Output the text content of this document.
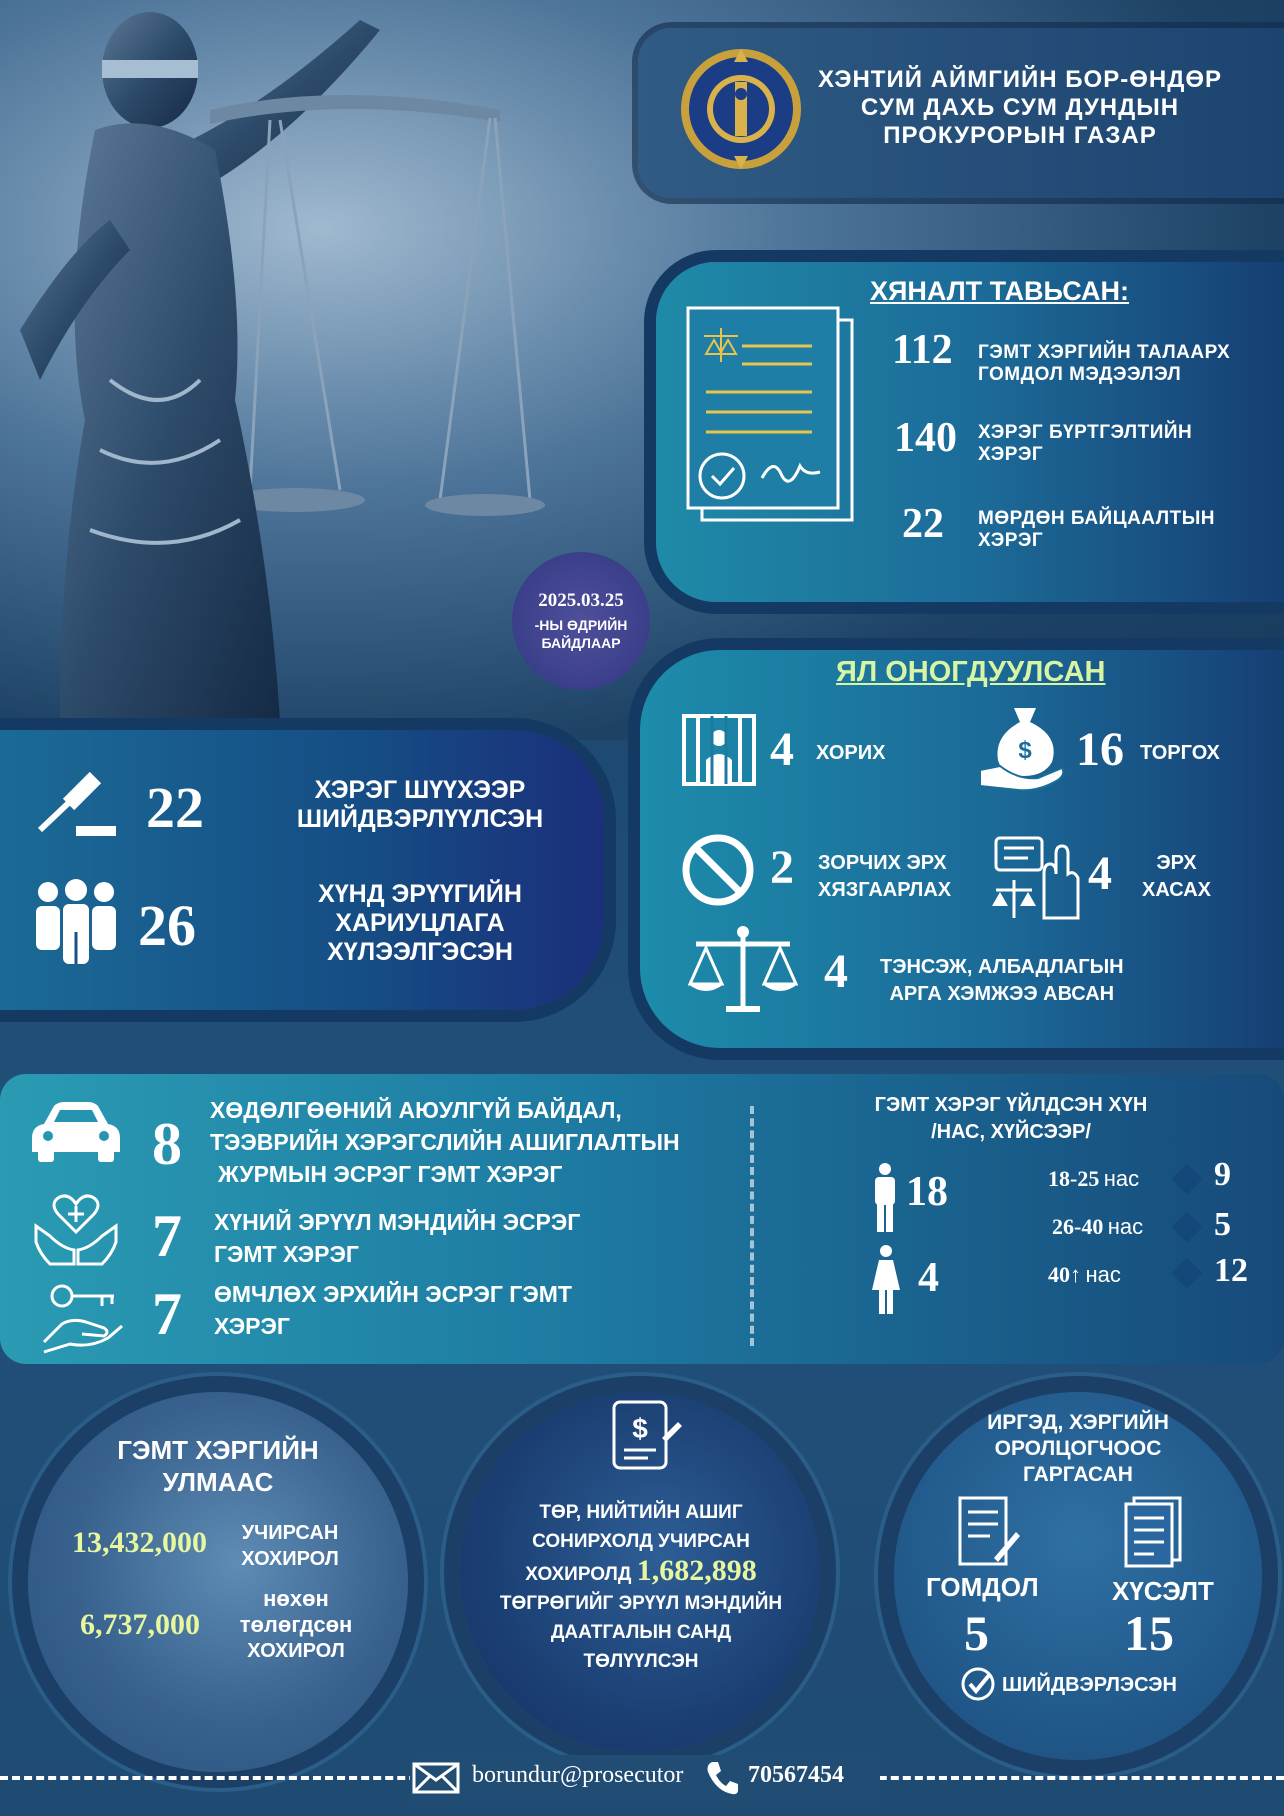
ХЭНТИЙ АЙМГИЙН БОР-ӨНДӨР
СУМ ДАХЬ СУМ ДУНДЫН
ПРОКУРОРЫН ГАЗАР
ХЯНАЛТ ТАВЬСАН:
112 ГЭМТ ХЭРГИЙН ТАЛААРХ
ГОМДОЛ МЭДЭЭЛЭЛ
140 ХЭРЭГ БҮРТГЭЛТИЙН
ХЭРЭГ
22 МӨРДӨН БАЙЦААЛТЫН
ХЭРЭГ
2025.03.25
-НЫ ӨДРИЙН
БАЙДЛААР
ЯЛ ОНОГДУУЛСАН
4 ХОРИХ	$ 16 ТОРГОХ
2 ЗОРЧИХ ЭРХ
ХЯЗГААРЛАХ	4	ЭРХ
ХАСАХ
4 ТЭНСЭЖ, АЛБАДЛАГЫН
АРГА ХЭМЖЭЭ АВСАН
22	ХЭРЭГ ШҮҮХЭЭР
ШИЙДВЭРЛҮҮЛСЭН
26	ХҮНД ЭРҮҮГИЙН
ХАРИУЦЛАГА
ХҮЛЭЭЛГЭСЭН
8
ХӨДӨЛГӨӨНИЙ АЮУЛГҮЙ БАЙДАЛ,
ТЭЭВРИЙН ХЭРЭГСЛИЙН АШИГЛАЛТЫН
ЖУРМЫН ЭСРЭГ ГЭМТ ХЭРЭГ
7 ХҮНИЙ ЭРҮҮЛ МЭНДИЙН ЭСРЭГ
ГЭМТ ХЭРЭГ
7 ӨМЧЛӨХ ЭРХИЙН ЭСРЭГ ГЭМТ
ХЭРЭГ
ГЭМТ ХЭРЭГ ҮЙЛДСЭН ХҮН
/НАС, ХҮЙСЭЭР/
18
4
18-25 нас 9
26-40 нас 5
40↑ нас	12
ГЭМТ ХЭРГИЙН
УЛМААС
13,432,000 УЧИРСАН
ХОХИРОЛ
6,737,000
нөхөн
төлөгдсөн
ХОХИРОЛ
$
ТӨР, НИЙТИЙН АШИГ
СОНИРХОЛД УЧИРСАН
ХОХИРОЛД 1,682,898
ТӨГРӨГИЙГ ЭРҮҮЛ МЭНДИЙН
ДААТГАЛЫН САНД
ТӨЛҮҮЛСЭН
ИРГЭД, ХЭРГИЙН
ОРОЛЦОГЧООС
ГАРГАСАН
ГОМДОЛ
5
ХҮСЭЛТ
15
ШИЙДВЭРЛЭСЭН
borundur@prosecutor	70567454
